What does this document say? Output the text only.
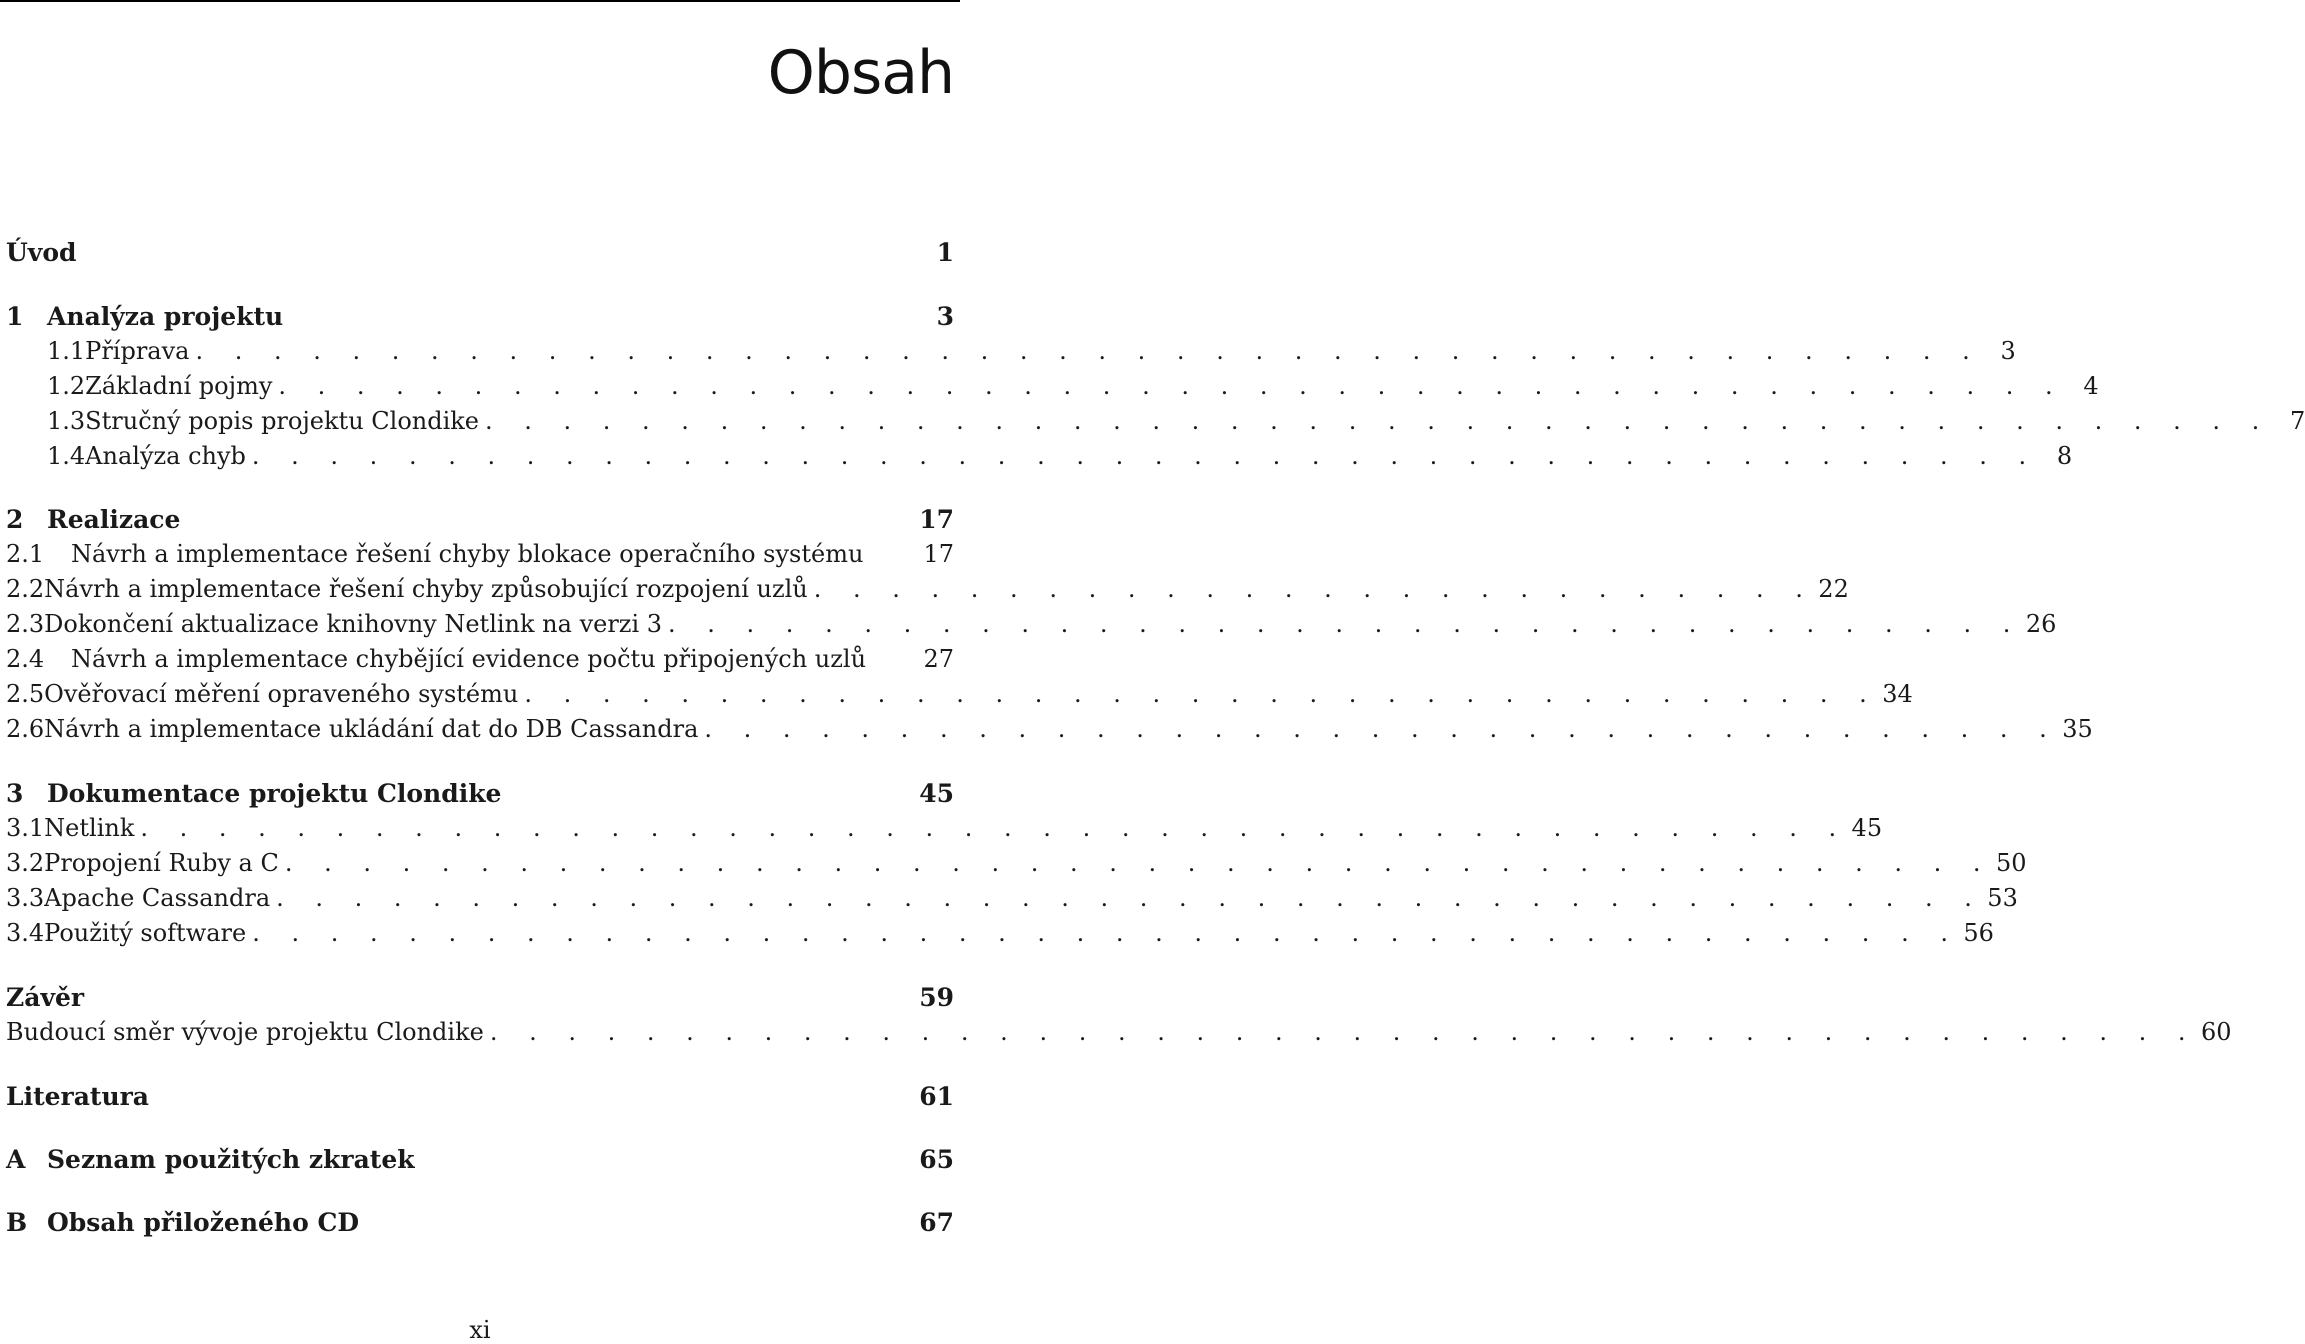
Obsah
Úvod	1
1 Analýza projektu	3
1.1 Příprava . . . . . . . . . . . . . . . . . . . . . . . . . . . . . . . . . . . . . . . . . . . . . . 3
1.2 Základní pojmy . . . . . . . . . . . . . . . . . . . . . . . . . . . . . . . . . . . . . . . . . . . . . . 4
1.3 Stručný popis projektu Clondike . . . . . . . . . . . . . . . . . . . . . . . . . . . . . . . . . . . . . . . . . . . . . . 7
1.4 Analýza chyb . . . . . . . . . . . . . . . . . . . . . . . . . . . . . . . . . . . . . . . . . . . . . . 8
2 Realizace	17
2.1	Návrh a implementace řešení chyby blokace operačního systému	17
2.2 Návrh a implementace řešení chyby způsobující rozpojení uzlů . . . . . . . . . . . . . . . . . . . . . . . . . . 22
2.3 Dokončení aktualizace knihovny Netlink na verzi 3 . . . . . . . . . . . . . . . . . . . . . . . . . . . . . . . . . . . 26
2.4	Návrh a implementace chybějící evidence počtu připojených uzlů	27
2.5 Ověřovací měření opraveného systému . . . . . . . . . . . . . . . . . . . . . . . . . . . . . . . . . . . 34
2.6 Návrh a implementace ukládání dat do DB Cassandra . . . . . . . . . . . . . . . . . . . . . . . . . . . . . . . . . . . 35
3 Dokumentace projektu Clondike	45
3.1 Netlink . . . . . . . . . . . . . . . . . . . . . . . . . . . . . . . . . . . . . . . . . . . . 45
3.2 Propojení Ruby a C . . . . . . . . . . . . . . . . . . . . . . . . . . . . . . . . . . . . . . . . . . . . 50
3.3 Apache Cassandra . . . . . . . . . . . . . . . . . . . . . . . . . . . . . . . . . . . . . . . . . . . . 53
3.4 Použitý software . . . . . . . . . . . . . . . . . . . . . . . . . . . . . . . . . . . . . . . . . . . . 56
Závěr	59
Budoucí směr vývoje projektu Clondike . . . . . . . . . . . . . . . . . . . . . . . . . . . . . . . . . . . . . . . . . . . . 60
Literatura	61
A Seznam použitých zkratek	65
B Obsah přiloženého CD	67
xi
